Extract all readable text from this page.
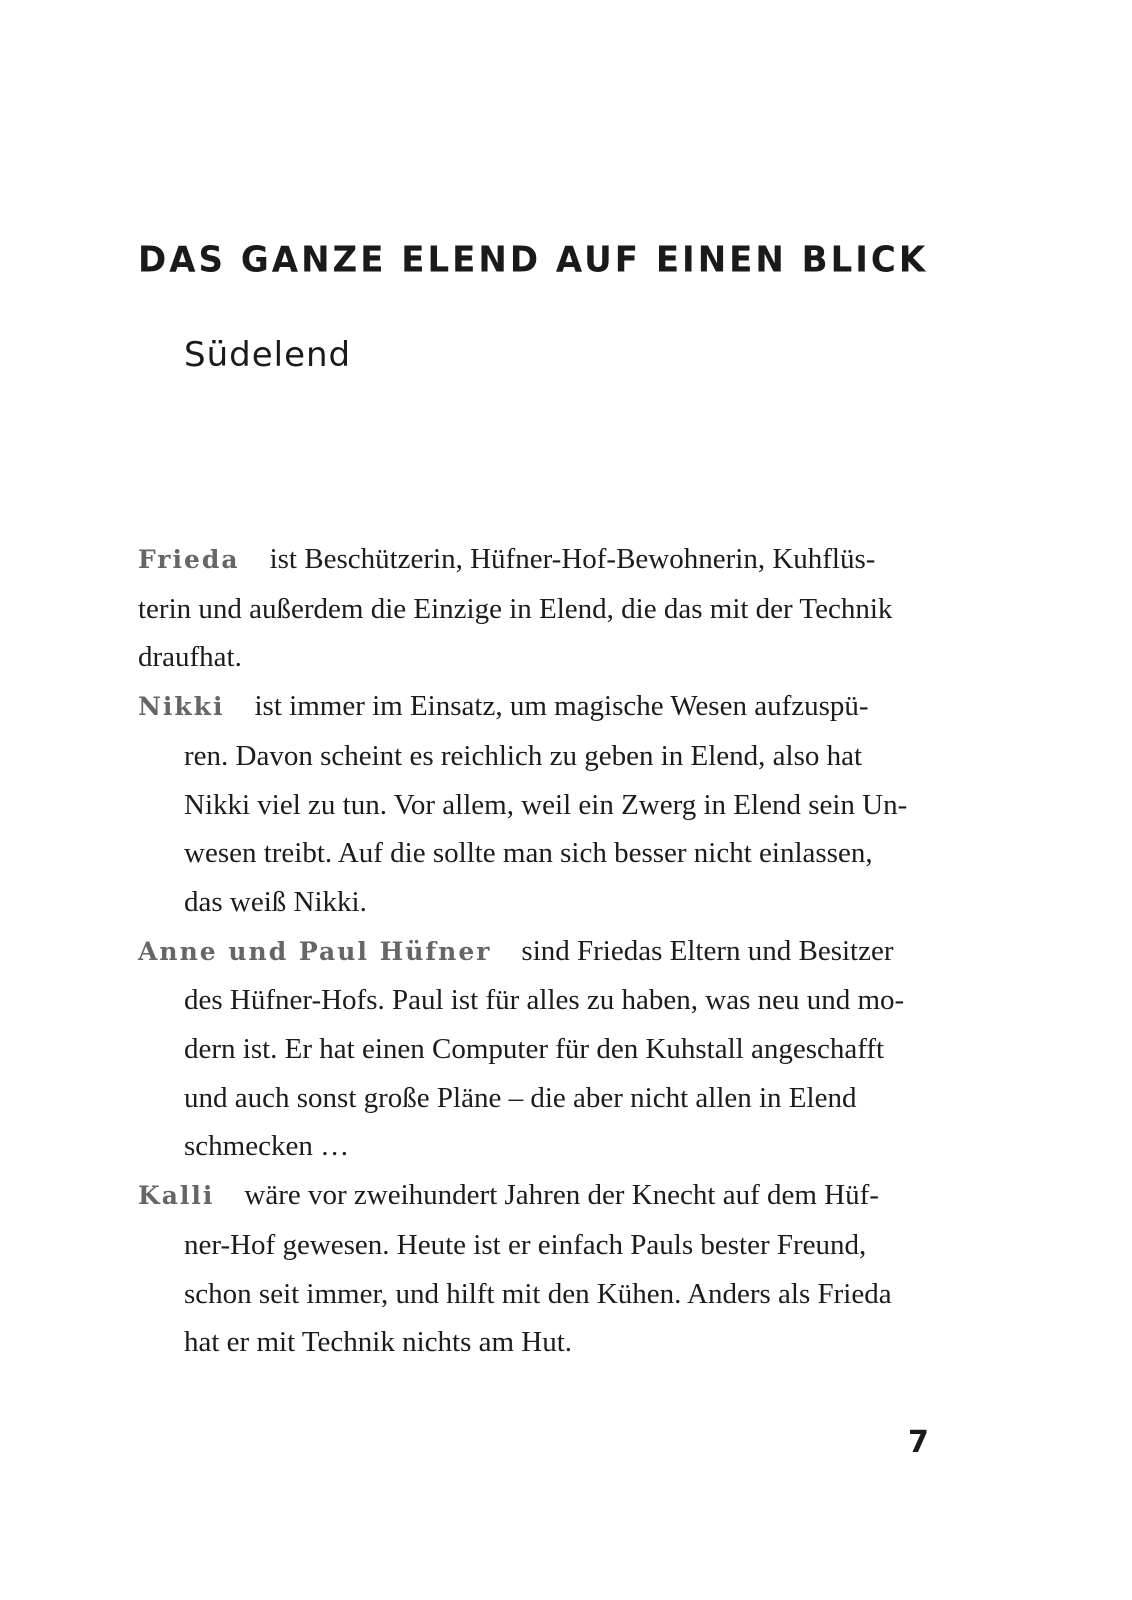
DAS GANZE ELEND AUF EINEN BLICK
Südelend

Frieda ist Beschützerin, Hüfner-Hof-Bewohnerin, Kuhflüs-
terin und außerdem die Einzige in Elend, die das mit der Technik
draufhat.

Nikki ist immer im Einsatz, um magische Wesen aufzuspü-
ren. Davon scheint es reichlich zu geben in Elend, also hat
Nikki viel zu tun. Vor allem, weil ein Zwerg in Elend sein Un-
wesen treibt. Auf die sollte man sich besser nicht einlassen,
das weiß Nikki.

Anne und Paul Hüfner sind Friedas Eltern und Besitzer
des Hüfner-Hofs. Paul ist für alles zu haben, was neu und mo-
dern ist. Er hat einen Computer für den Kuhstall angeschafft
und auch sonst große Pläne – die aber nicht allen in Elend
schmecken …

Kalli wäre vor zweihundert Jahren der Knecht auf dem Hüf-
ner-Hof gewesen. Heute ist er einfach Pauls bester Freund,
schon seit immer, und hilft mit den Kühen. Anders als Frieda
hat er mit Technik nichts am Hut.

7
